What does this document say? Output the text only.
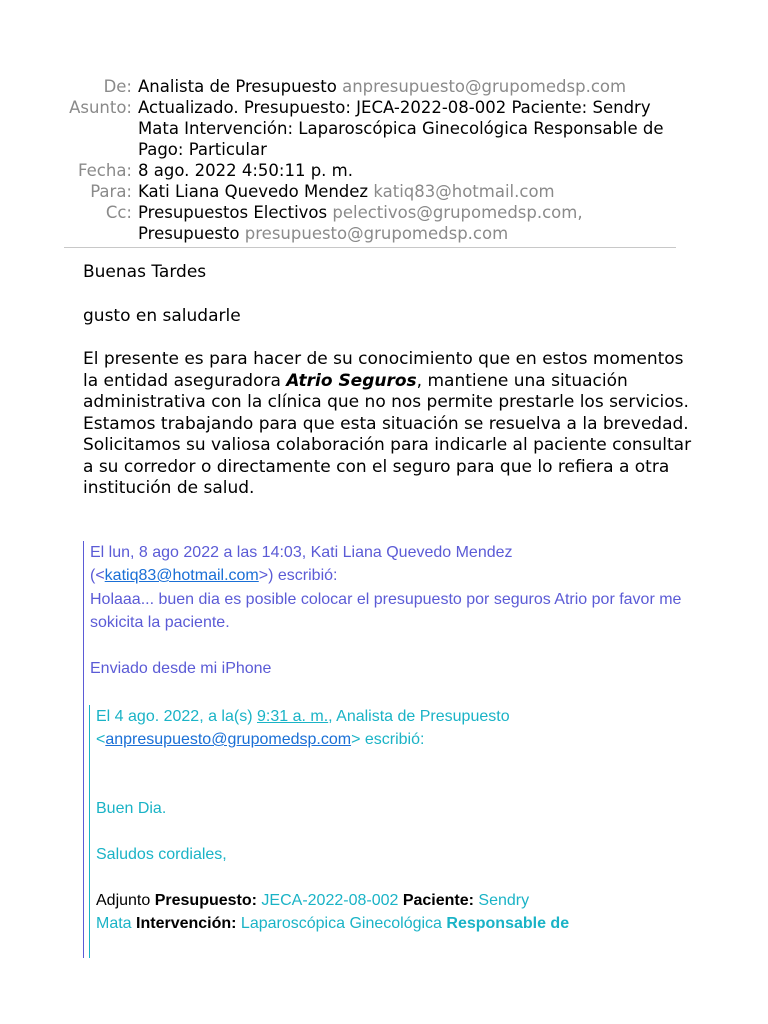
De: Analista de Presupuesto anpresupuesto@grupomedsp.com
Asunto: Actualizado. Presupuesto: JECA-2022-08-002 Paciente: Sendry
Mata Intervención: Laparoscópica Ginecológica Responsable de
Pago: Particular
Fecha: 8 ago. 2022 4:50:11 p. m.
Para: Kati Liana Quevedo Mendez katiq83@hotmail.com
Cc: Presupuestos Electivos pelectivos@grupomedsp.com,
Presupuesto presupuesto@grupomedsp.com

Buenas Tardes

gusto en saludarle

El presente es para hacer de su conocimiento que en estos momentos la entidad aseguradora Atrio Seguros, mantiene una situación administrativa con la clínica que no nos permite prestarle los servicios. Estamos trabajando para que esta situación se resuelva a la brevedad.

Solicitamos su valiosa colaboración para indicarle al paciente consultar a su corredor o directamente con el seguro para que lo refiera a otra institución de salud.

El lun, 8 ago 2022 a las 14:03, Kati Liana Quevedo Mendez
(<katiq83@hotmail.com>) escribió:

Holaaa... buen dia es posible colocar el presupuesto por seguros Atrio por favor me sokicita la paciente.

Enviado desde mi iPhone

El 4 ago. 2022, a la(s) 9:31 a. m., Analista de Presupuesto
<anpresupuesto@grupomedsp.com> escribió:

Buen Dia.

Saludos cordiales,

Adjunto Presupuesto: JECA-2022-08-002 Paciente: Sendry
Mata Intervención: Laparoscópica Ginecológica Responsable de
